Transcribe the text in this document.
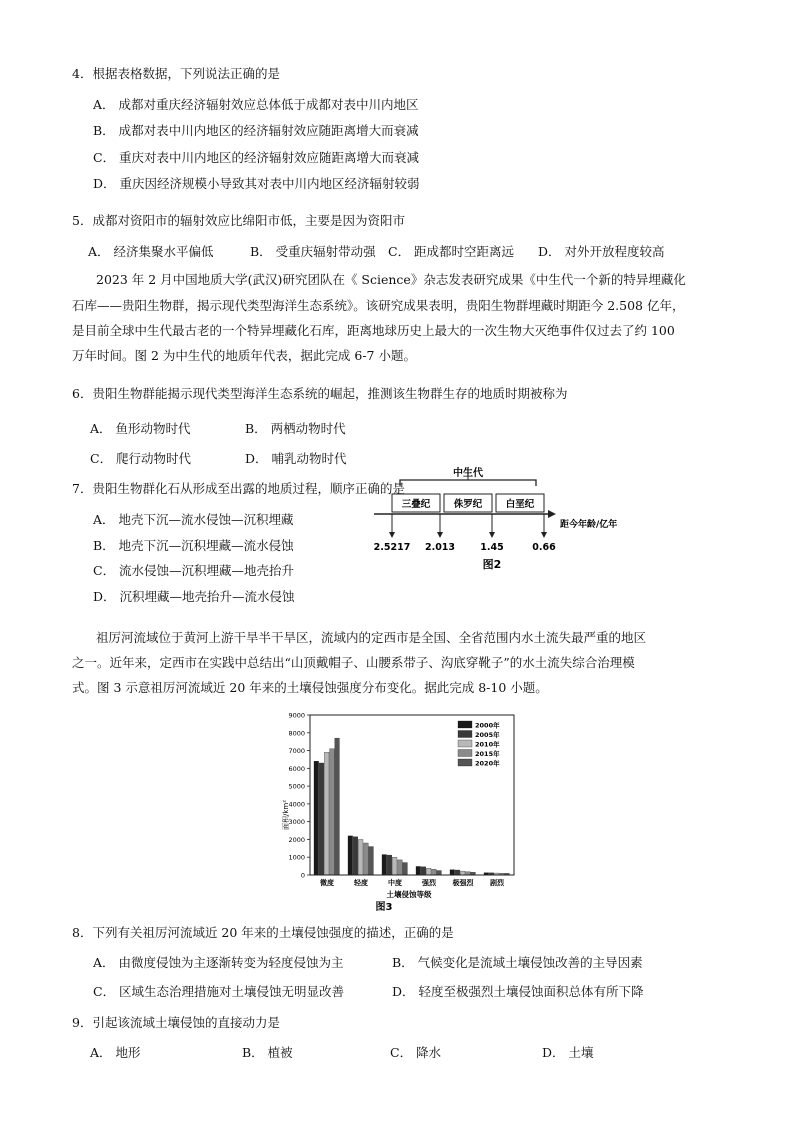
4．根据表格数据，下列说法正确的是
A． 成都对重庆经济辐射效应总体低于成都对表中川内地区
B． 成都对表中川内地区的经济辐射效应随距离增大而衰减
C． 重庆对表中川内地区的经济辐射效应随距离增大而衰减
D． 重庆因经济规模小导致其对表中川内地区经济辐射较弱
5．成都对资阳市的辐射效应比绵阳市低，主要是因为资阳市
A． 经济集聚水平偏低	B． 受重庆辐射带动强 C． 距成都时空距离远 D． 对外开放程度较高
2023 年 2 月中国地质大学(武汉)研究团队在《 Science》杂志发表研究成果《中生代一个新的特异埋藏化
石库——贵阳生物群，揭示现代类型海洋生态系统》。该研究成果表明，贵阳生物群埋藏时期距今 2.508 亿年，
是目前全球中生代最古老的一个特异埋藏化石库，距离地球历史上最大的一次生物大灭绝事件仅过去了约 100
万年时间。图 2 为中生代的地质年代表，据此完成 6-7 小题。
6．贵阳生物群能揭示现代类型海洋生态系统的崛起，推测该生物群生存的地质时期被称为
A． 鱼形动物时代	B． 两栖动物时代
C． 爬行动物时代	D． 哺乳动物时代
7．贵阳生物群化石从形成至出露的地质过程，顺序正确的是
A． 地壳下沉—流水侵蚀—沉积埋藏
B． 地壳下沉—沉积埋藏—流水侵蚀
C． 流水侵蚀—沉积埋藏—地壳抬升
D． 沉积埋藏—地壳抬升—流水侵蚀
中生代
三叠纪 侏罗纪 白垩纪
距今年龄/亿年
2.5217 2.013	1.45	0.66
图2
祖厉河流域位于黄河上游干旱半干旱区，流域内的定西市是全国、全省范围内水土流失最严重的地区
之一。近年来，定西市在实践中总结出“山顶戴帽子、山腰系带子、沟底穿靴子”的水土流失综合治理模
式。图 3 示意祖厉河流域近 20 年来的土壤侵蚀强度分布变化。据此完成 8-10 小题。
0
1000
2000
3000
4000
5000
6000
7000
8000
9000
微度	轻度	中度	强烈 极强烈 剧烈
2000年
2005年
2010年
2015年
2020年
面积/km²
土壤侵蚀等级
图3
8．下列有关祖厉河流域近 20 年来的土壤侵蚀强度的描述，正确的是
A． 由微度侵蚀为主逐渐转变为轻度侵蚀为主	B． 气候变化是流域土壤侵蚀改善的主导因素
C． 区域生态治理措施对土壤侵蚀无明显改善	D． 轻度至极强烈土壤侵蚀面积总体有所下降
9．引起该流域土壤侵蚀的直接动力是
A． 地形	B． 植被	C． 降水	D． 土壤
